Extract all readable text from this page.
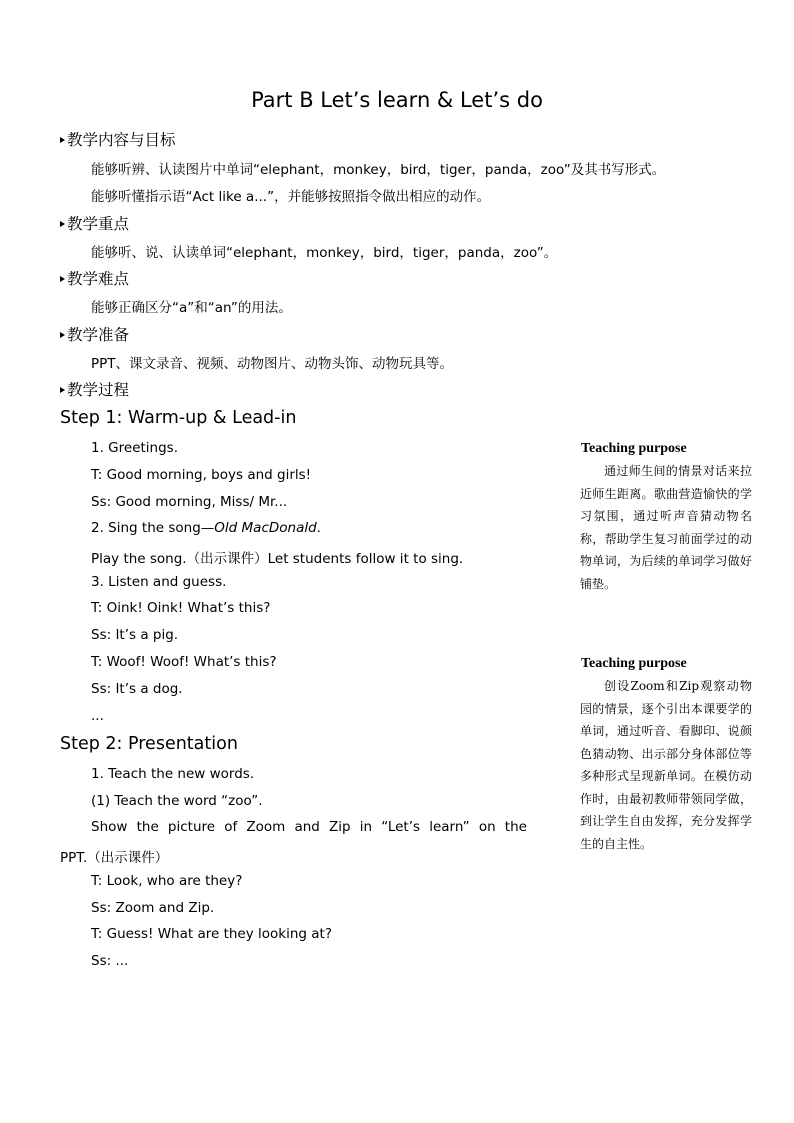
Part B Let’s learn & Let’s do
教学内容与目标
能够听辨、认读图片中单词“elephant，monkey，bird，tiger，panda，zoo”及其书写形式。
能够听懂指示语“Act like a...”，并能够按照指令做出相应的动作。
教学重点
能够听、说、认读单词“elephant，monkey，bird，tiger，panda，zoo”。
教学难点
能够正确区分“a”和“an”的用法。
教学准备
PPT、课文录音、视频、动物图片、动物头饰、动物玩具等。
教学过程
Step 1: Warm-up & Lead-in
1. Greetings.
T: Good morning, boys and girls!
Ss: Good morning, Miss/ Mr...
2. Sing the song—Old MacDonald.
Play the song.（出示课件）Let students follow it to sing.
3. Listen and guess.
T: Oink! Oink! What’s this?
Ss: It’s a pig.
T: Woof! Woof! What’s this?
Ss: It’s a dog.
...
Step 2: Presentation
1. Teach the new words.
(1) Teach the word “zoo”.
Show the picture of Zoom and Zip in “Let’s learn” on the
PPT.（出示课件）
T: Look, who are they?
Ss: Zoom and Zip.
T: Guess! What are they looking at?
Ss: ...
Teaching purpose
通过师生间的情景对话来拉近师生距离。歌曲营造愉快的学习氛围，通过听声音猜动物名称，帮助学生复习前面学过的动物单词，为后续的单词学习做好铺垫。
Teaching purpose
创设Zoom和Zip观察动物园的情景，逐个引出本课要学的单词，通过听音、看脚印、说颜色猜动物、出示部分身体部位等多种形式呈现新单词。在模仿动作时，由最初教师带领同学做，到让学生自由发挥，充分发挥学生的自主性。
